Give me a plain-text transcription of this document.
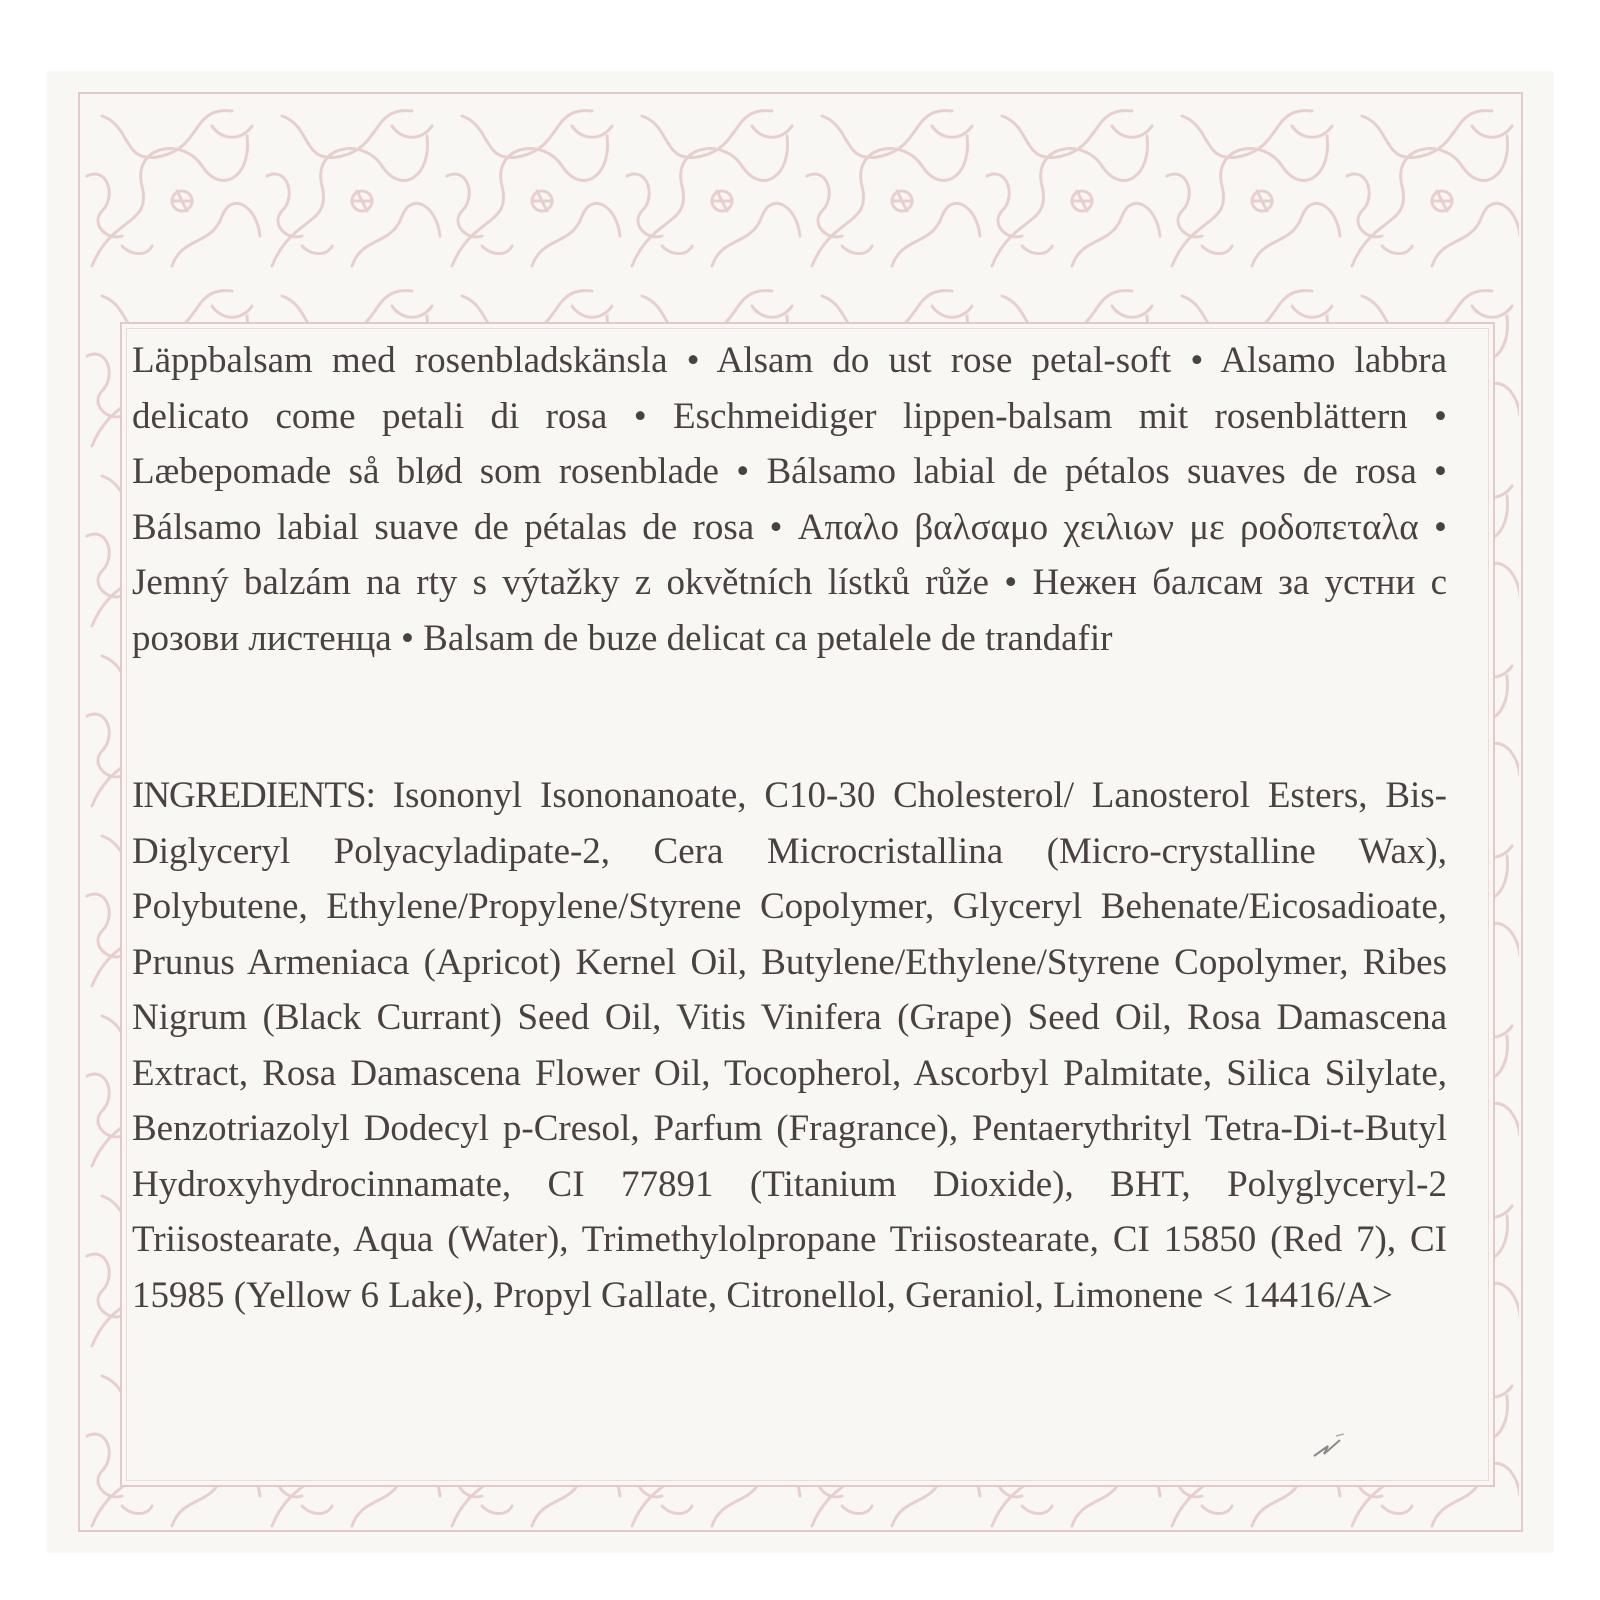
Läppbalsam med rosenbladskänsla • Alsam do ust rose petal-soft • Alsamo labbra delicato come petali di rosa • Eschmeidiger lippen-balsam mit rosenblättern • Læbepomade så blød som rosenblade • Bálsamo labial de pétalos suaves de rosa • Bálsamo labial suave de pétalas de rosa • Απαλο βαλσαμο χειλιων με ροδοπεταλα • Jemný balzám na rty s výtažky z okvětních lístků růže • Нежен балсам за устни с розови листенца • Balsam de buze delicat ca petalele de trandafir

INGREDIENTS: Isononyl Isononanoate, C10-30 Cholesterol/ Lanosterol Esters, Bis-Diglyceryl Polyacyladipate-2, Cera Microcristallina (Micro-crystalline Wax), Polybutene, Ethylene/Propylene/Styrene Copolymer, Glyceryl Behenate/Eicosadioate, Prunus Armeniaca (Apricot) Kernel Oil, Butylene/Ethylene/Styrene Copolymer, Ribes Nigrum (Black Currant) Seed Oil, Vitis Vinifera (Grape) Seed Oil, Rosa Damascena Extract, Rosa Damascena Flower Oil, Tocopherol, Ascorbyl Palmitate, Silica Silylate, Benzotriazolyl Dodecyl p-Cresol, Parfum (Fragrance), Pentaerythrityl Tetra-Di-t-Butyl Hydroxyhydrocinnamate, CI 77891 (Titanium Dioxide), BHT, Polyglyceryl-2 Triisostearate, Aqua (Water), Trimethylolpropane Triisostearate, CI 15850 (Red 7), CI 15985 (Yellow 6 Lake), Propyl Gallate, Citronellol, Geraniol, Limonene < 14416/A>
